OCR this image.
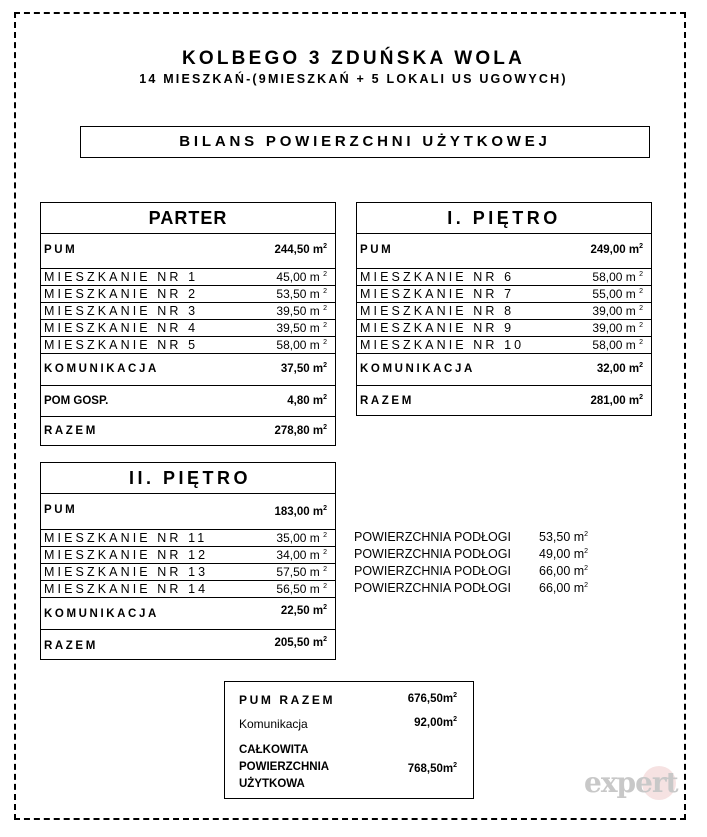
KOLBEGO 3 ZDUŃSKA WOLA
14 MIESZKAŃ-(9MIESZKAŃ + 5 LOKALI US UGOWYCH)
BILANS POWIERZCHNI UŻYTKOWEJ
PARTER
PUM	244,50 $m^2$
MIESZKANIE NR 1	45,00 m $^2$
MIESZKANIE NR 2	53,50 m $^2$
MIESZKANIE NR 3	39,50 m $^2$
MIESZKANIE NR 4	39,50 m $^2$
MIESZKANIE NR 5	58,00 m $^2$
KOMUNIKACJA	37,50 $m^2$
POM GOSP.	4,80 $m^2$
RAZEM	278,80 $m^2$
I. PIĘTRO
PUM	249,00 $m^2$
MIESZKANIE NR 6	58,00 m $^2$
MIESZKANIE NR 7	55,00 m $^2$
MIESZKANIE NR 8	39,00 m $^2$
MIESZKANIE NR 9	39,00 m $^2$
MIESZKANIE NR 10	58,00 m $^2$
KOMUNIKACJA	32,00 $m^2$
RAZEM	281,00 $m^2$
II. PIĘTRO
PUM	183,00 $m^2$
MIESZKANIE NR 11	35,00 m $^2$
MIESZKANIE NR 12	34,00 m $^2$
MIESZKANIE NR 13	57,50 m $^2$
MIESZKANIE NR 14	56,50 m $^2$
KOMUNIKACJA	22,50 $m^2$
RAZEM	205,50 $m^2$
POWIERZCHNIA PODŁOGI 53,50 $m^2$
POWIERZCHNIA PODŁOGI 49,00 $m^2$
POWIERZCHNIA PODŁOGI 66,00 $m^2$
POWIERZCHNIA PODŁOGI 66,00 $m^2$
PUM RAZEM	$676,50m^2$
Komunikacja	$92,00m^2$
CAŁKOWITA
POWIERZCHNIA
UŻYTKOWA
$768,50m^2$
expert
